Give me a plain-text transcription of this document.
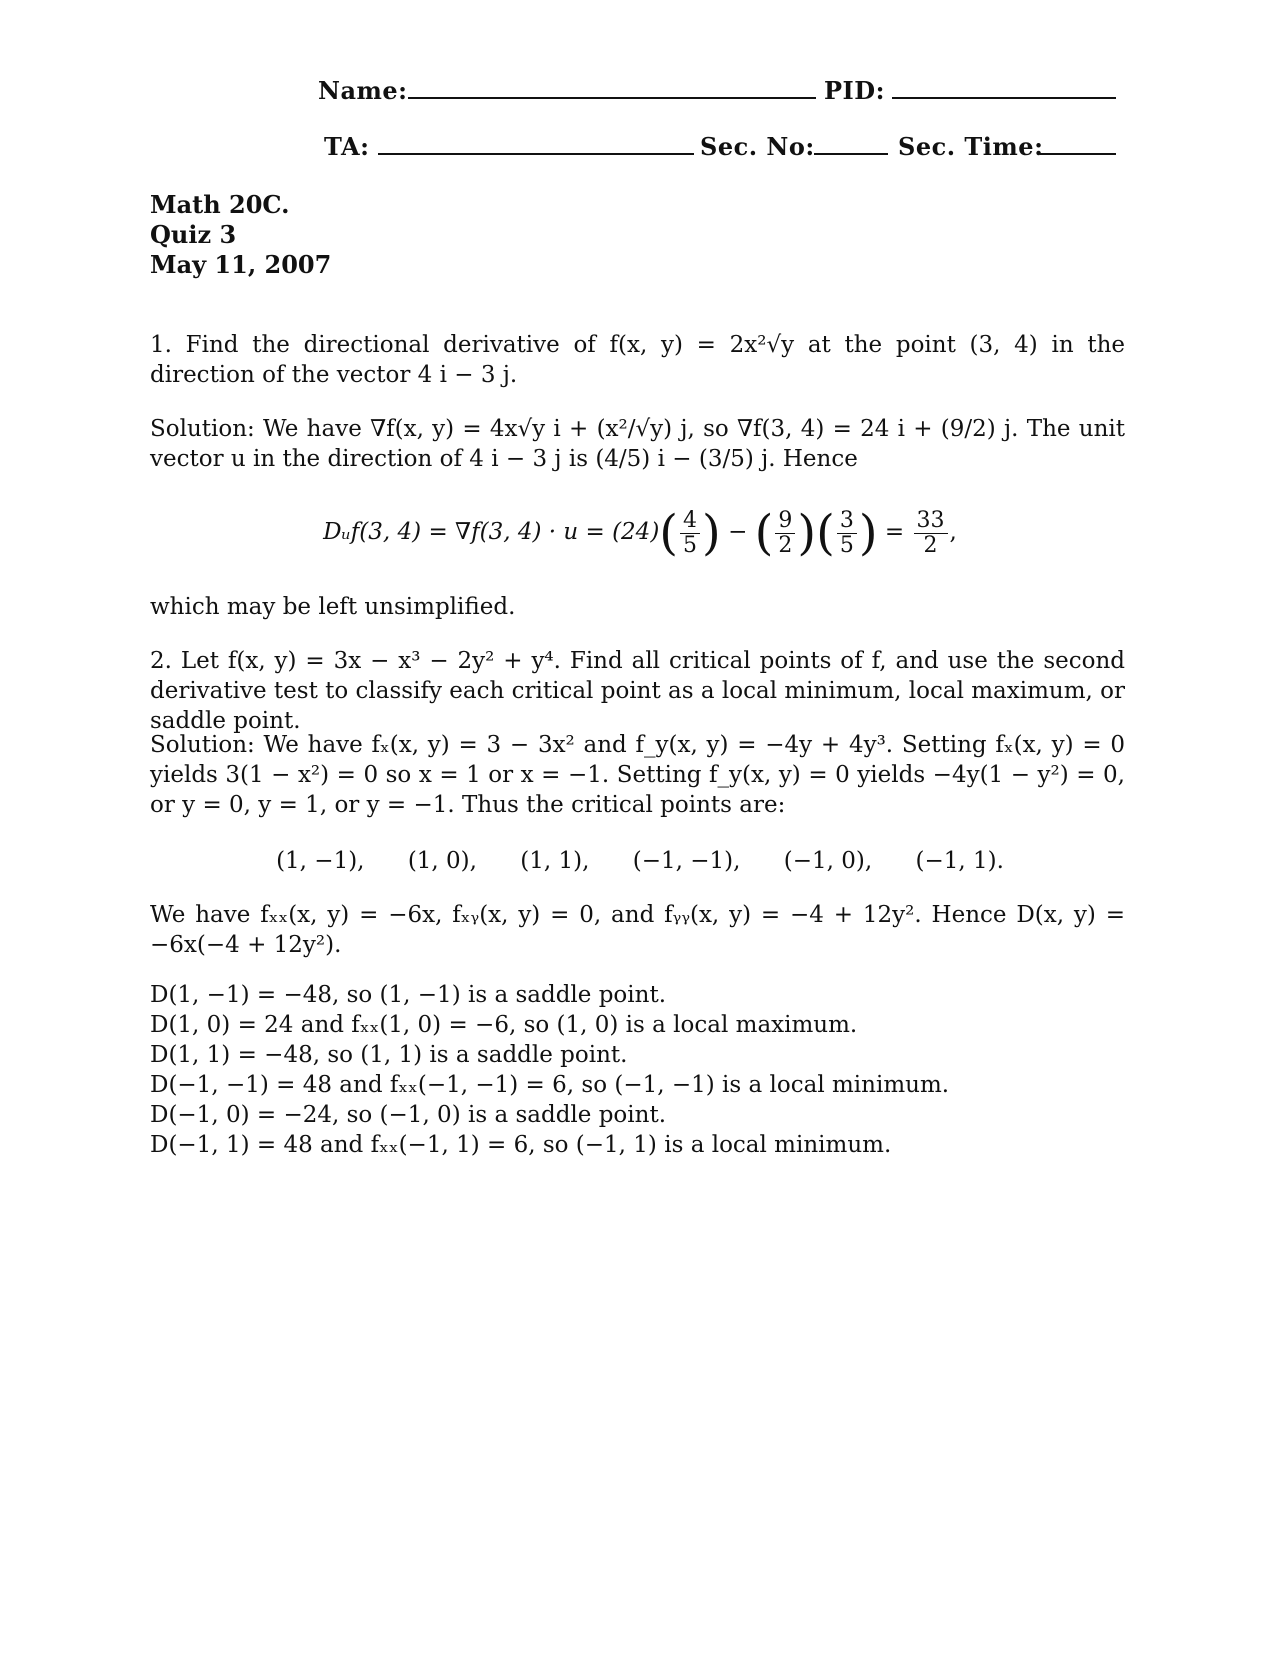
Name:	PID:
TA:	Sec. No:	Sec. Time:
Math 20C.
Quiz 3
May 11, 2007
1. Find the directional derivative of f(x, y) = 2x²√y at the point (3, 4) in the direction of the vector 4 i − 3 j.
Solution: We have ∇f(x, y) = 4x√y i + (x²/√y) j, so ∇f(3, 4) = 24 i + (9/2) j. The unit vector u in the direction of 4 i − 3 j is (4/5) i − (3/5) j. Hence
Dᵤf(3, 4) = ∇f(3, $4) \cdot u = (24)( \frac{4}{5}$ ) − ( $\frac{9}{2}$ )( $\frac{3}{5}$ ) = $\frac{33}{2}$ ,
which may be left unsimplified.
2. Let f(x, y) = 3x − x³ − 2y² + y⁴. Find all critical points of f, and use the second derivative test to classify each critical point as a local minimum, local maximum, or saddle point.
Solution: We have fₓ(x, y) = 3 − 3x² and f_y(x, y) = −4y + 4y³. Setting fₓ(x, y) = 0 yields 3(1 − x²) = 0 so x = 1 or x = −1. Setting f_y(x, y) = 0 yields −4y(1 − y²) = 0, or y = 0, y = 1, or y = −1. Thus the critical points are:
(1, −1), (1, 0), (1, 1), (−1, −1), (−1, 0), (−1, 1).
We have fₓₓ(x, y) = −6x, fₓᵧ(x, y) = 0, and fᵧᵧ(x, y) = −4 + 12y². Hence D(x, y) = −6x(−4 + 12y²).
D(1, −1) = −48, so (1, −1) is a saddle point.
D(1, 0) = 24 and fₓₓ(1, 0) = −6, so (1, 0) is a local maximum.
D(1, 1) = −48, so (1, 1) is a saddle point.
D(−1, −1) = 48 and fₓₓ(−1, −1) = 6, so (−1, −1) is a local minimum.
D(−1, 0) = −24, so (−1, 0) is a saddle point.
D(−1, 1) = 48 and fₓₓ(−1, 1) = 6, so (−1, 1) is a local minimum.
